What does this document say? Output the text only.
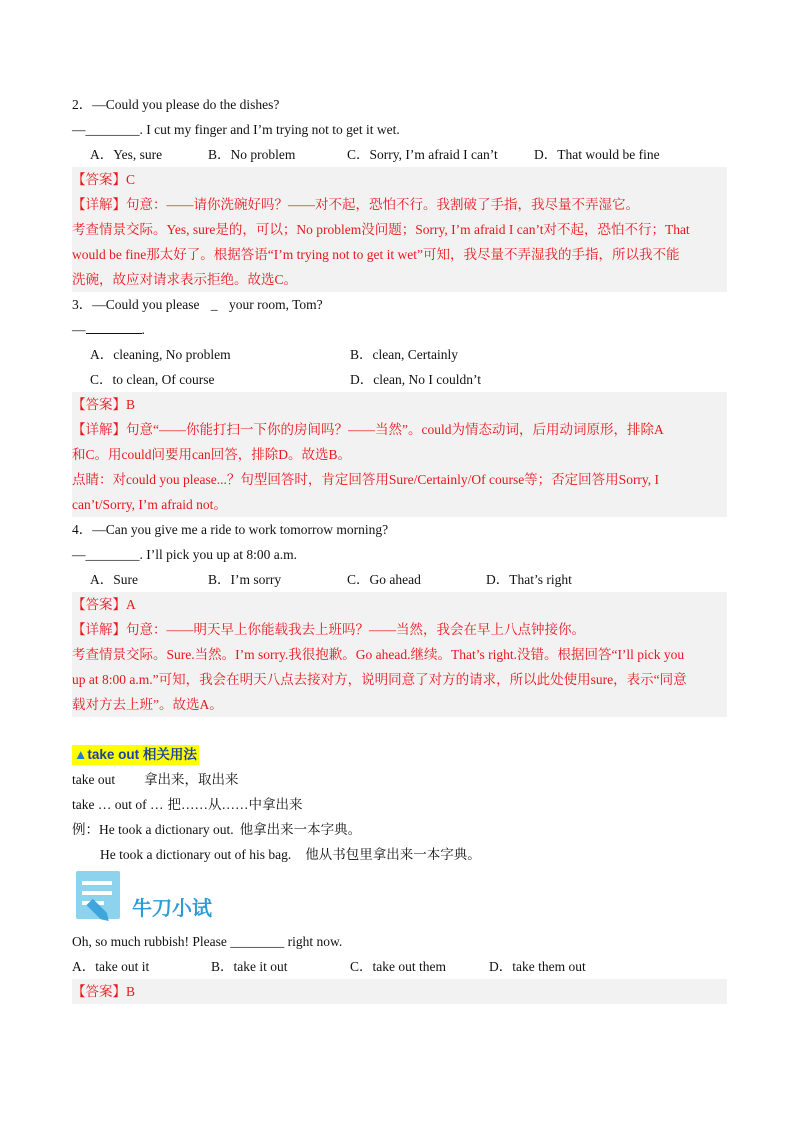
2．—Could you please do the dishes?
—________. I cut my finger and I’m trying not to get it wet.
A．Yes, sure	B．No problem	C．Sorry, I’m afraid I can’t	D．That would be fine
【答案】C
【详解】句意：——请你洗碗好吗？——对不起，恐怕不行。我割破了手指，我尽量不弄湿它。
考查情景交际。Yes, sure是的，可以；No problem没问题；Sorry, I’m afraid I can’t对不起，恐怕不行；That
would be fine那太好了。根据答语“I’m trying not to get it wet”可知，我尽量不弄湿我的手指，所以我不能
洗碗，故应对请求表示拒绝。故选C。
3．—Could you please _ your room, Tom?
—	.
A．cleaning, No problem	B．clean, Certainly
C．to clean, Of course	D．clean, No I couldn’t
【答案】B
【详解】句意“——你能打扫一下你的房间吗？——当然”。could为情态动词，后用动词原形，排除A
和C。用could问要用can回答，排除D。故选B。
点睛：对could you please...？句型回答时，肯定回答用Sure/Certainly/Of course等；否定回答用Sorry, I
can’t/Sorry, I’m afraid not。
4．—Can you give me a ride to work tomorrow morning?
—________. I’ll pick you up at 8:00 a.m.
A．Sure	B．I’m sorry	C．Go ahead	D．That’s right
【答案】A
【详解】句意：——明天早上你能载我去上班吗？——当然，我会在早上八点钟接你。
考查情景交际。Sure.当然。I’m sorry.我很抱歉。Go ahead.继续。That’s right.没错。根据回答“I’ll pick you
up at 8:00 a.m.”可知，我会在明天八点去接对方，说明同意了对方的请求，所以此处使用sure，表示“同意
载对方去上班”。故选A。
▲take out 相关用法
take out 拿出来，取出来
take … out of … 把……从……中拿出来
例：He took a dictionary out. 他拿出来一本字典。
He took a dictionary out of his bag. 他从书包里拿出来一本字典。
牛刀小试
Oh, so much rubbish! Please ________ right now.
A．take out it	B．take it out	C．take out them	D．take them out
【答案】B
